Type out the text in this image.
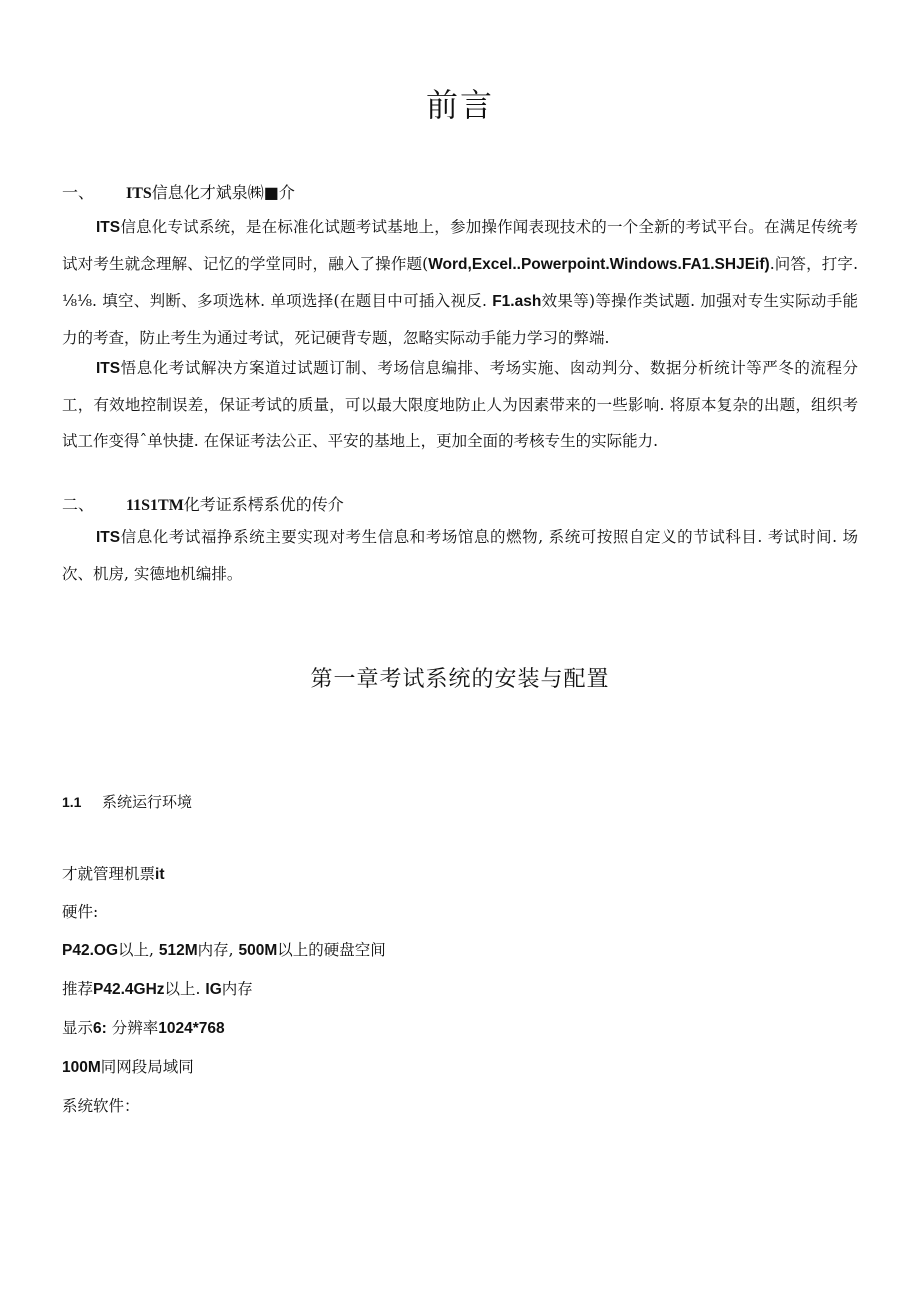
前言
一、 ITS信息化才斌泉㈱■介
ITS信息化专试系统，是在标准化试题考试基地上，参加操作闻表现技术的一个全新的考试平台。在满足传统考试对考生就念理解、记忆的学堂同时，融入了操作题(Word,Excel..Powerpoint.Windows.FA1.SHJEif).问答，打字. ⅛⅛. 填空、判断、多项选林. 单项选择(在题目中可插入视反. F1.ash效果等)等操作类试题. 加强对专生实际动手能力的考查，防止考生为通过考试，死记硬背专题，忽略实际动手能力学习的弊端.
ITS悟息化考试解决方案道过试题订制、考场信息编排、考场实施、囱动判分、数据分析统计等严冬的流程分工，有效地控制误差，保证考试的质量，可以最大限度地防止人为因素带来的一些影响. 将原本复杂的出题，组织考试工作变得ˆ单快捷. 在保证考法公正、平安的基地上，更加全面的考核专生的实际能力.
二、 11S1TM化考证系樗系优的传介
ITS信息化考试福挣系统主要实现对考生信息和考场馆息的燃物, 系统可按照自定义的节试科目. 考试时间. 场次、机房, 实德地机编排。
第一章考试系统的安装与配置
1.1 系统运行环境
才就管理机票it
硬件:
P42.OG以上, 512M内存, 500M以上的硬盘空间
推荐P42.4GHz以上. IG内存
显示6: 分辨率1024*768
100M同网段局域同
系统软件：
